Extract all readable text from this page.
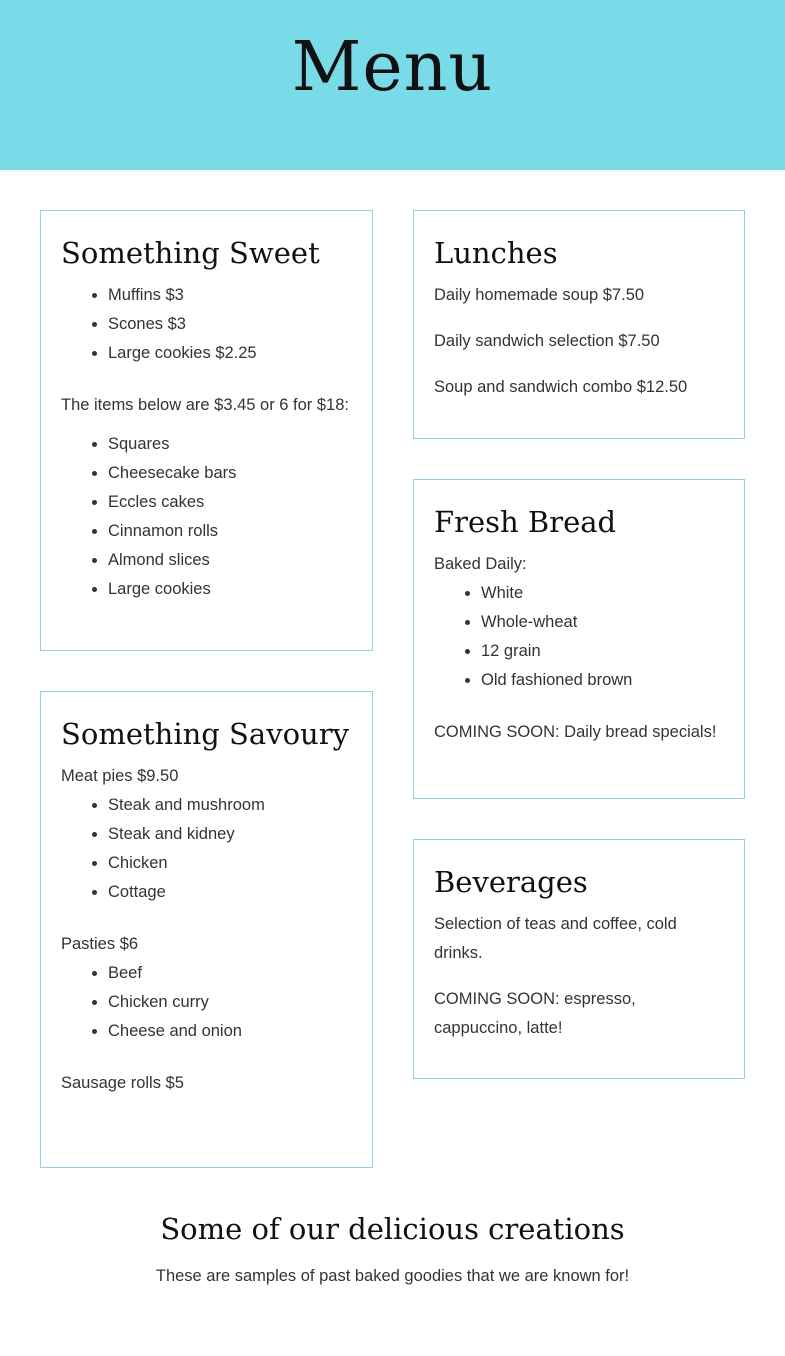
Menu
Something Sweet
• Muffins $3
• Scones $3
• Large cookies $2.25

The items below are $3.45 or 6 for $18:

• Squares
• Cheesecake bars
• Eccles cakes
• Cinnamon rolls
• Almond slices
• Large cookies
Something Savoury

Meat pies $9.50

• Steak and mushroom
• Steak and kidney
• Chicken
• Cottage

Pasties $6

• Beef
• Chicken curry
• Cheese and onion

Sausage rolls $5

Lunches

Daily homemade soup $7.50

Daily sandwich selection $7.50

Soup and sandwich combo $12.50

Fresh Bread

Baked Daily:

• White
• Whole-wheat
• 12 grain
• Old fashioned brown

COMING SOON: Daily bread specials!

Beverages

Selection of teas and coffee, cold drinks.

COMING SOON: espresso, cappuccino, latte!

Some of our delicious creations

These are samples of past baked goodies that we are known for!
